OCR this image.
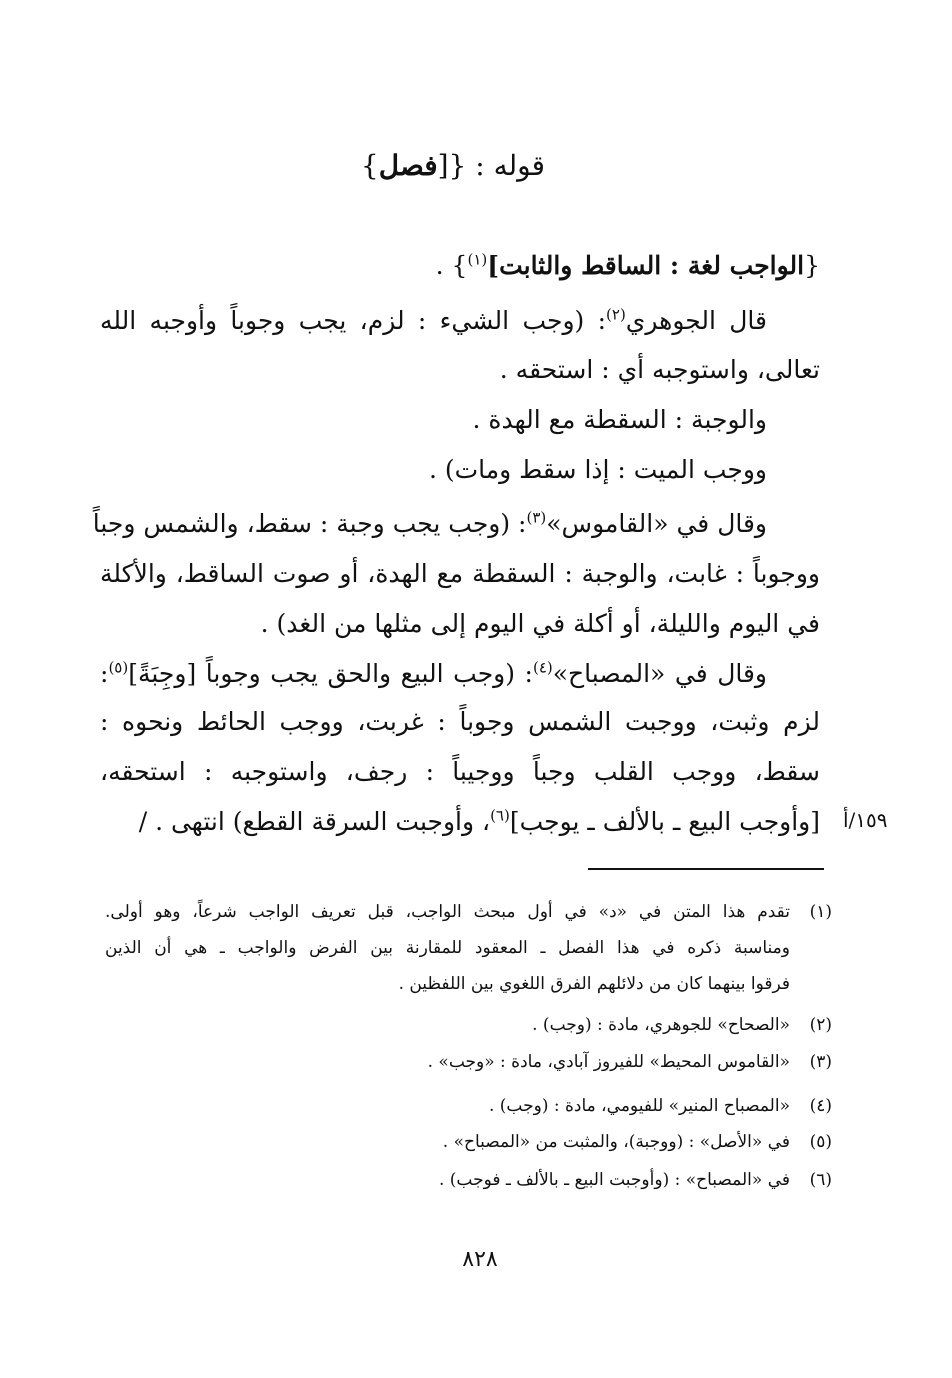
قوله : {[فصل}
{الواجب لغة : الساقط والثابت]$^{(١)}$} .
قال الجوهري$^{(٢)}$: (وجب الشيء : لزم، يجب وجوباً وأوجبه الله
تعالى، واستوجبه أي : استحقه .
والوجبة : السقطة مع الهدة .
ووجب الميت : إذا سقط ومات) .
وقال في «القاموس»$^{(٣)}$: (وجب يجب وجبة : سقط، والشمس وجباً
ووجوباً : غابت، والوجبة : السقطة مع الهدة، أو صوت الساقط، والأكلة
في اليوم والليلة، أو أكلة في اليوم إلى مثلها من الغد) .
وقال في «المصباح»$^{(٤)}$: (وجب البيع والحق يجب وجوباً [وجِبَةً]$^{(٥)}$:
لزم وثبت، ووجبت الشمس وجوباً : غربت، ووجب الحائط ونحوه :
سقط، ووجب القلب وجباً ووجيباً : رجف، واستوجبه : استحقه،
[وأوجب البيع ـ بالألف ـ يوجب]$^{(٦)}$، وأوجبت السرقة القطع) انتهى . /	١٥٩/أ
(١)
تقدم هذا المتن في «د» في أول مبحث الواجب، قبل تعريف الواجب شرعاً، وهو أولى.
ومناسبة ذكره في هذا الفصل ـ المعقود للمقارنة بين الفرض والواجب ـ هي أن الذين
فرقوا بينهما كان من دلائلهم الفرق اللغوي بين اللفظين .
(٢)
«الصحاح» للجوهري، مادة : (وجب) .
(٣)
«القاموس المحيط» للفيروز آبادي، مادة : «وجب» .
(٤)
«المصباح المنير» للفيومي، مادة : (وجب) .
(٥)
في «الأصل» : (ووجبة)، والمثبت من «المصباح» .
(٦)
في «المصباح» : (وأوجبت البيع ـ بالألف ـ فوجب) .
٨٢٨
